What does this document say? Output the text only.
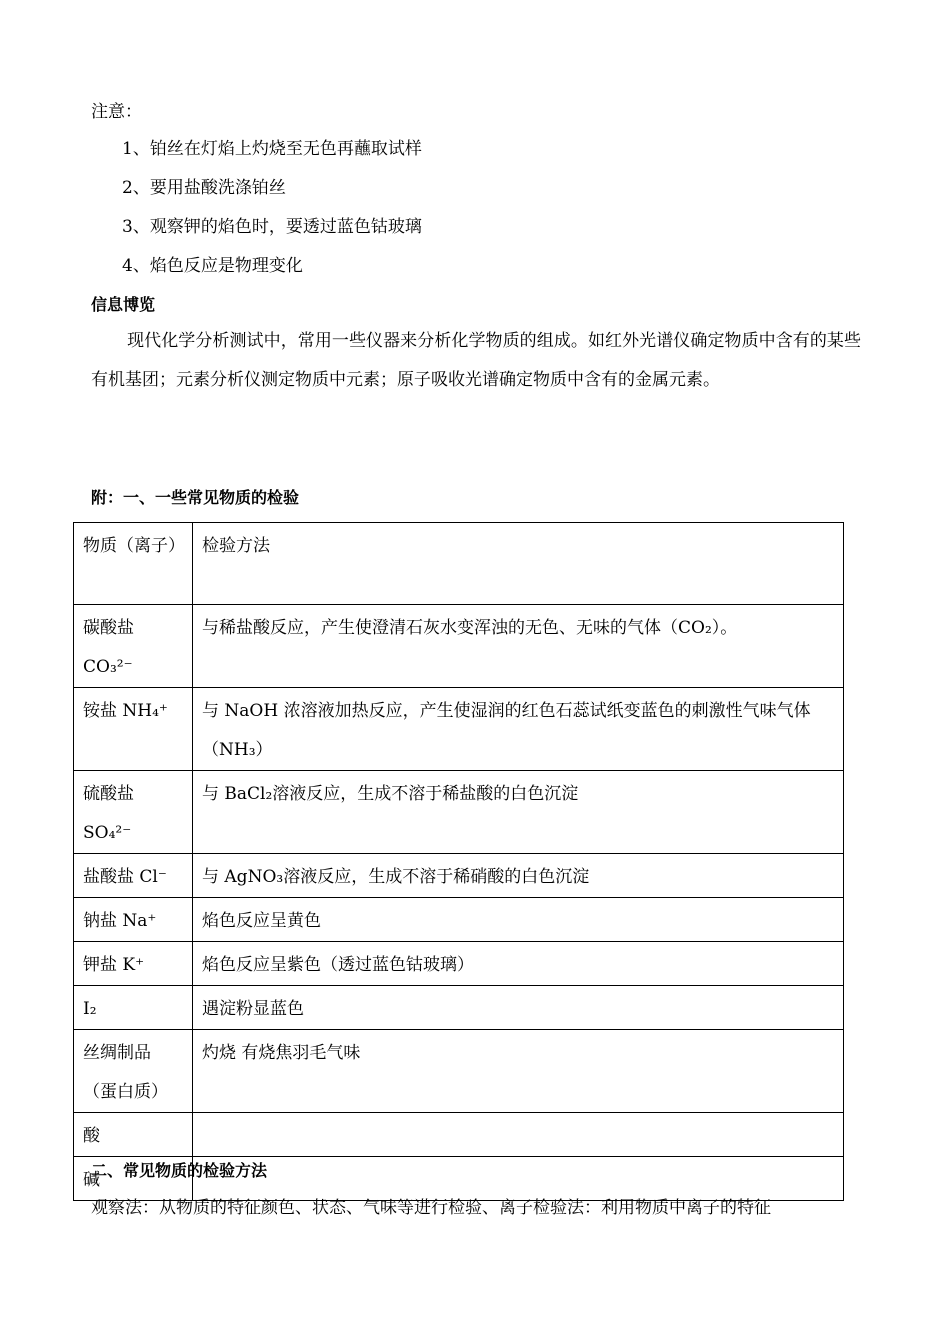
注意：
1、铂丝在灯焰上灼烧至无色再蘸取试样
2、要用盐酸洗涤铂丝
3、观察钾的焰色时，要透过蓝色钴玻璃
4、焰色反应是物理变化
信息博览
现代化学分析测试中，常用一些仪器来分析化学物质的组成。如红外光谱仪确定物质中含有的某些有机基团；元素分析仪测定物质中元素；原子吸收光谱确定物质中含有的金属元素。
附：一、一些常见物质的检验
物质（离子）	检验方法
碳酸盐 CO₃²⁻	与稀盐酸反应，产生使澄清石灰水变浑浊的无色、无味的气体（CO₂）。
铵盐 NH₄⁺	与 NaOH 浓溶液加热反应，产生使湿润的红色石蕊试纸变蓝色的刺激性气味气体（NH₃）
硫酸盐 SO₄²⁻	与 BaCl₂溶液反应，生成不溶于稀盐酸的白色沉淀
盐酸盐 Cl⁻	与 AgNO₃溶液反应，生成不溶于稀硝酸的白色沉淀
钠盐 Na⁺	焰色反应呈黄色
钾盐 K⁺	焰色反应呈紫色（透过蓝色钴玻璃）
I₂	遇淀粉显蓝色
丝绸制品（蛋白质）	灼烧 有烧焦羽毛气味
酸	
碱	
二、常见物质的检验方法
观察法：从物质的特征颜色、状态、气味等进行检验、离子检验法：利用物质中离子的特征
